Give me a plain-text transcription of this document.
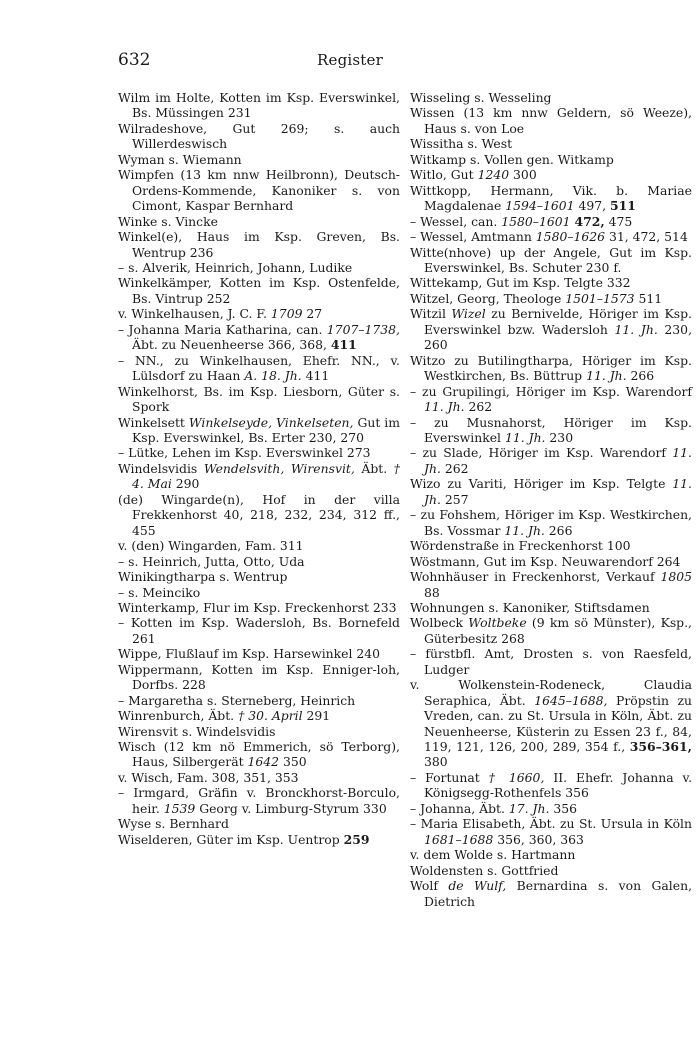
632	Register

Wilm im Holte, Kotten im Ksp. Everswinkel, Bs. Müssingen 231

Wilradeshove, Gut 269; s. auch Willerdeswisch

Wyman s. Wiemann

Wimpfen (13 km nnw Heilbronn), Deutsch-Ordens-Kommende, Kanoniker s. von Cimont, Kaspar Bernhard

Winke s. Vincke

Winkel(e), Haus im Ksp. Greven, Bs. Wentrup 236

– s. Alverik, Heinrich, Johann, Ludike

Winkelkämper, Kotten im Ksp. Ostenfelde, Bs. Vintrup 252

v. Winkelhausen, J. C. F. 1709 27

– Johanna Maria Katharina, can. 1707–1738, Äbt. zu Neuenheerse 366, 368, 411

– NN., zu Winkelhausen, Ehefr. NN., v. Lülsdorf zu Haan A. 18. Jh. 411

Winkelhorst, Bs. im Ksp. Liesborn, Güter s. Spork

Winkelsett Winkelseyde, Vinkelseten, Gut im Ksp. Everswinkel, Bs. Erter 230, 270

– Lütke, Lehen im Ksp. Everswinkel 273

Windelsvidis Wendelsvith, Wirensvit, Äbt. † 4. Mai 290

(de) Wingarde(n), Hof in der villa Frekkenhorst 40, 218, 232, 234, 312 ff., 455

v. (den) Wingarden, Fam. 311

– s. Heinrich, Jutta, Otto, Uda

Winikingtharpa s. Wentrup

– s. Meinciko

Winterkamp, Flur im Ksp. Freckenhorst 233

– Kotten im Ksp. Wadersloh, Bs. Bornefeld 261

Wippe, Flußlauf im Ksp. Harsewinkel 240

Wippermann, Kotten im Ksp. Enniger-loh, Dorfbs. 228

– Margaretha s. Sterneberg, Heinrich

Winrenburch, Äbt. † 30. April 291

Wirensvit s. Windelsvidis

Wisch (12 km nö Emmerich, sö Terborg), Haus, Silbergerät 1642 350

v. Wisch, Fam. 308, 351, 353

– Irmgard, Gräfin v. Bronckhorst-Borculo, heir. 1539 Georg v. Limburg-Styrum 330

Wyse s. Bernhard

Wiselderen, Güter im Ksp. Uentrop 259

Wisseling s. Wesseling

Wissen (13 km nnw Geldern, sö Weeze), Haus s. von Loe

Wissitha s. West

Witkamp s. Vollen gen. Witkamp

Witlo, Gut 1240 300

Wittkopp, Hermann, Vik. b. Mariae Magdalenae 1594–1601 497, 511

– Wessel, can. 1580–1601 472, 475

– Wessel, Amtmann 1580–1626 31, 472, 514

Witte(nhove) up der Angele, Gut im Ksp. Everswinkel, Bs. Schuter 230 f.

Wittekamp, Gut im Ksp. Telgte 332

Witzel, Georg, Theologe 1501–1573 511

Witzil Wizel zu Bernivelde, Höriger im Ksp. Everswinkel bzw. Wadersloh 11. Jh. 230, 260

Witzo zu Butilingtharpa, Höriger im Ksp. Westkirchen, Bs. Büttrup 11. Jh. 266

– zu Grupilingi, Höriger im Ksp. Warendorf 11. Jh. 262

– zu Musnahorst, Höriger im Ksp. Everswinkel 11. Jh. 230

– zu Slade, Höriger im Ksp. Warendorf 11. Jh. 262

Wizo zu Variti, Höriger im Ksp. Telgte 11. Jh. 257

– zu Fohshem, Höriger im Ksp. Westkirchen, Bs. Vossmar 11. Jh. 266

Wördenstraße in Freckenhorst 100

Wöstmann, Gut im Ksp. Neuwarendorf 264

Wohnhäuser in Freckenhorst, Verkauf 1805 88

Wohnungen s. Kanoniker, Stiftsdamen

Wolbeck Woltbeke (9 km sö Münster), Ksp., Güterbesitz 268

– fürstbfl. Amt, Drosten s. von Raesfeld, Ludger

v. Wolkenstein-Rodeneck, Claudia Seraphica, Äbt. 1645–1688, Pröpstin zu Vreden, can. zu St. Ursula in Köln, Äbt. zu Neuenheerse, Küsterin zu Essen 23 f., 84, 119, 121, 126, 200, 289, 354 f., 356–361, 380

– Fortunat † 1660, II. Ehefr. Johanna v. Königsegg-Rothenfels 356

– Johanna, Äbt. 17. Jh. 356

– Maria Elisabeth, Äbt. zu St. Ursula in Köln 1681–1688 356, 360, 363

v. dem Wolde s. Hartmann

Woldensten s. Gottfried

Wolf de Wulf, Bernardina s. von Galen, Dietrich
